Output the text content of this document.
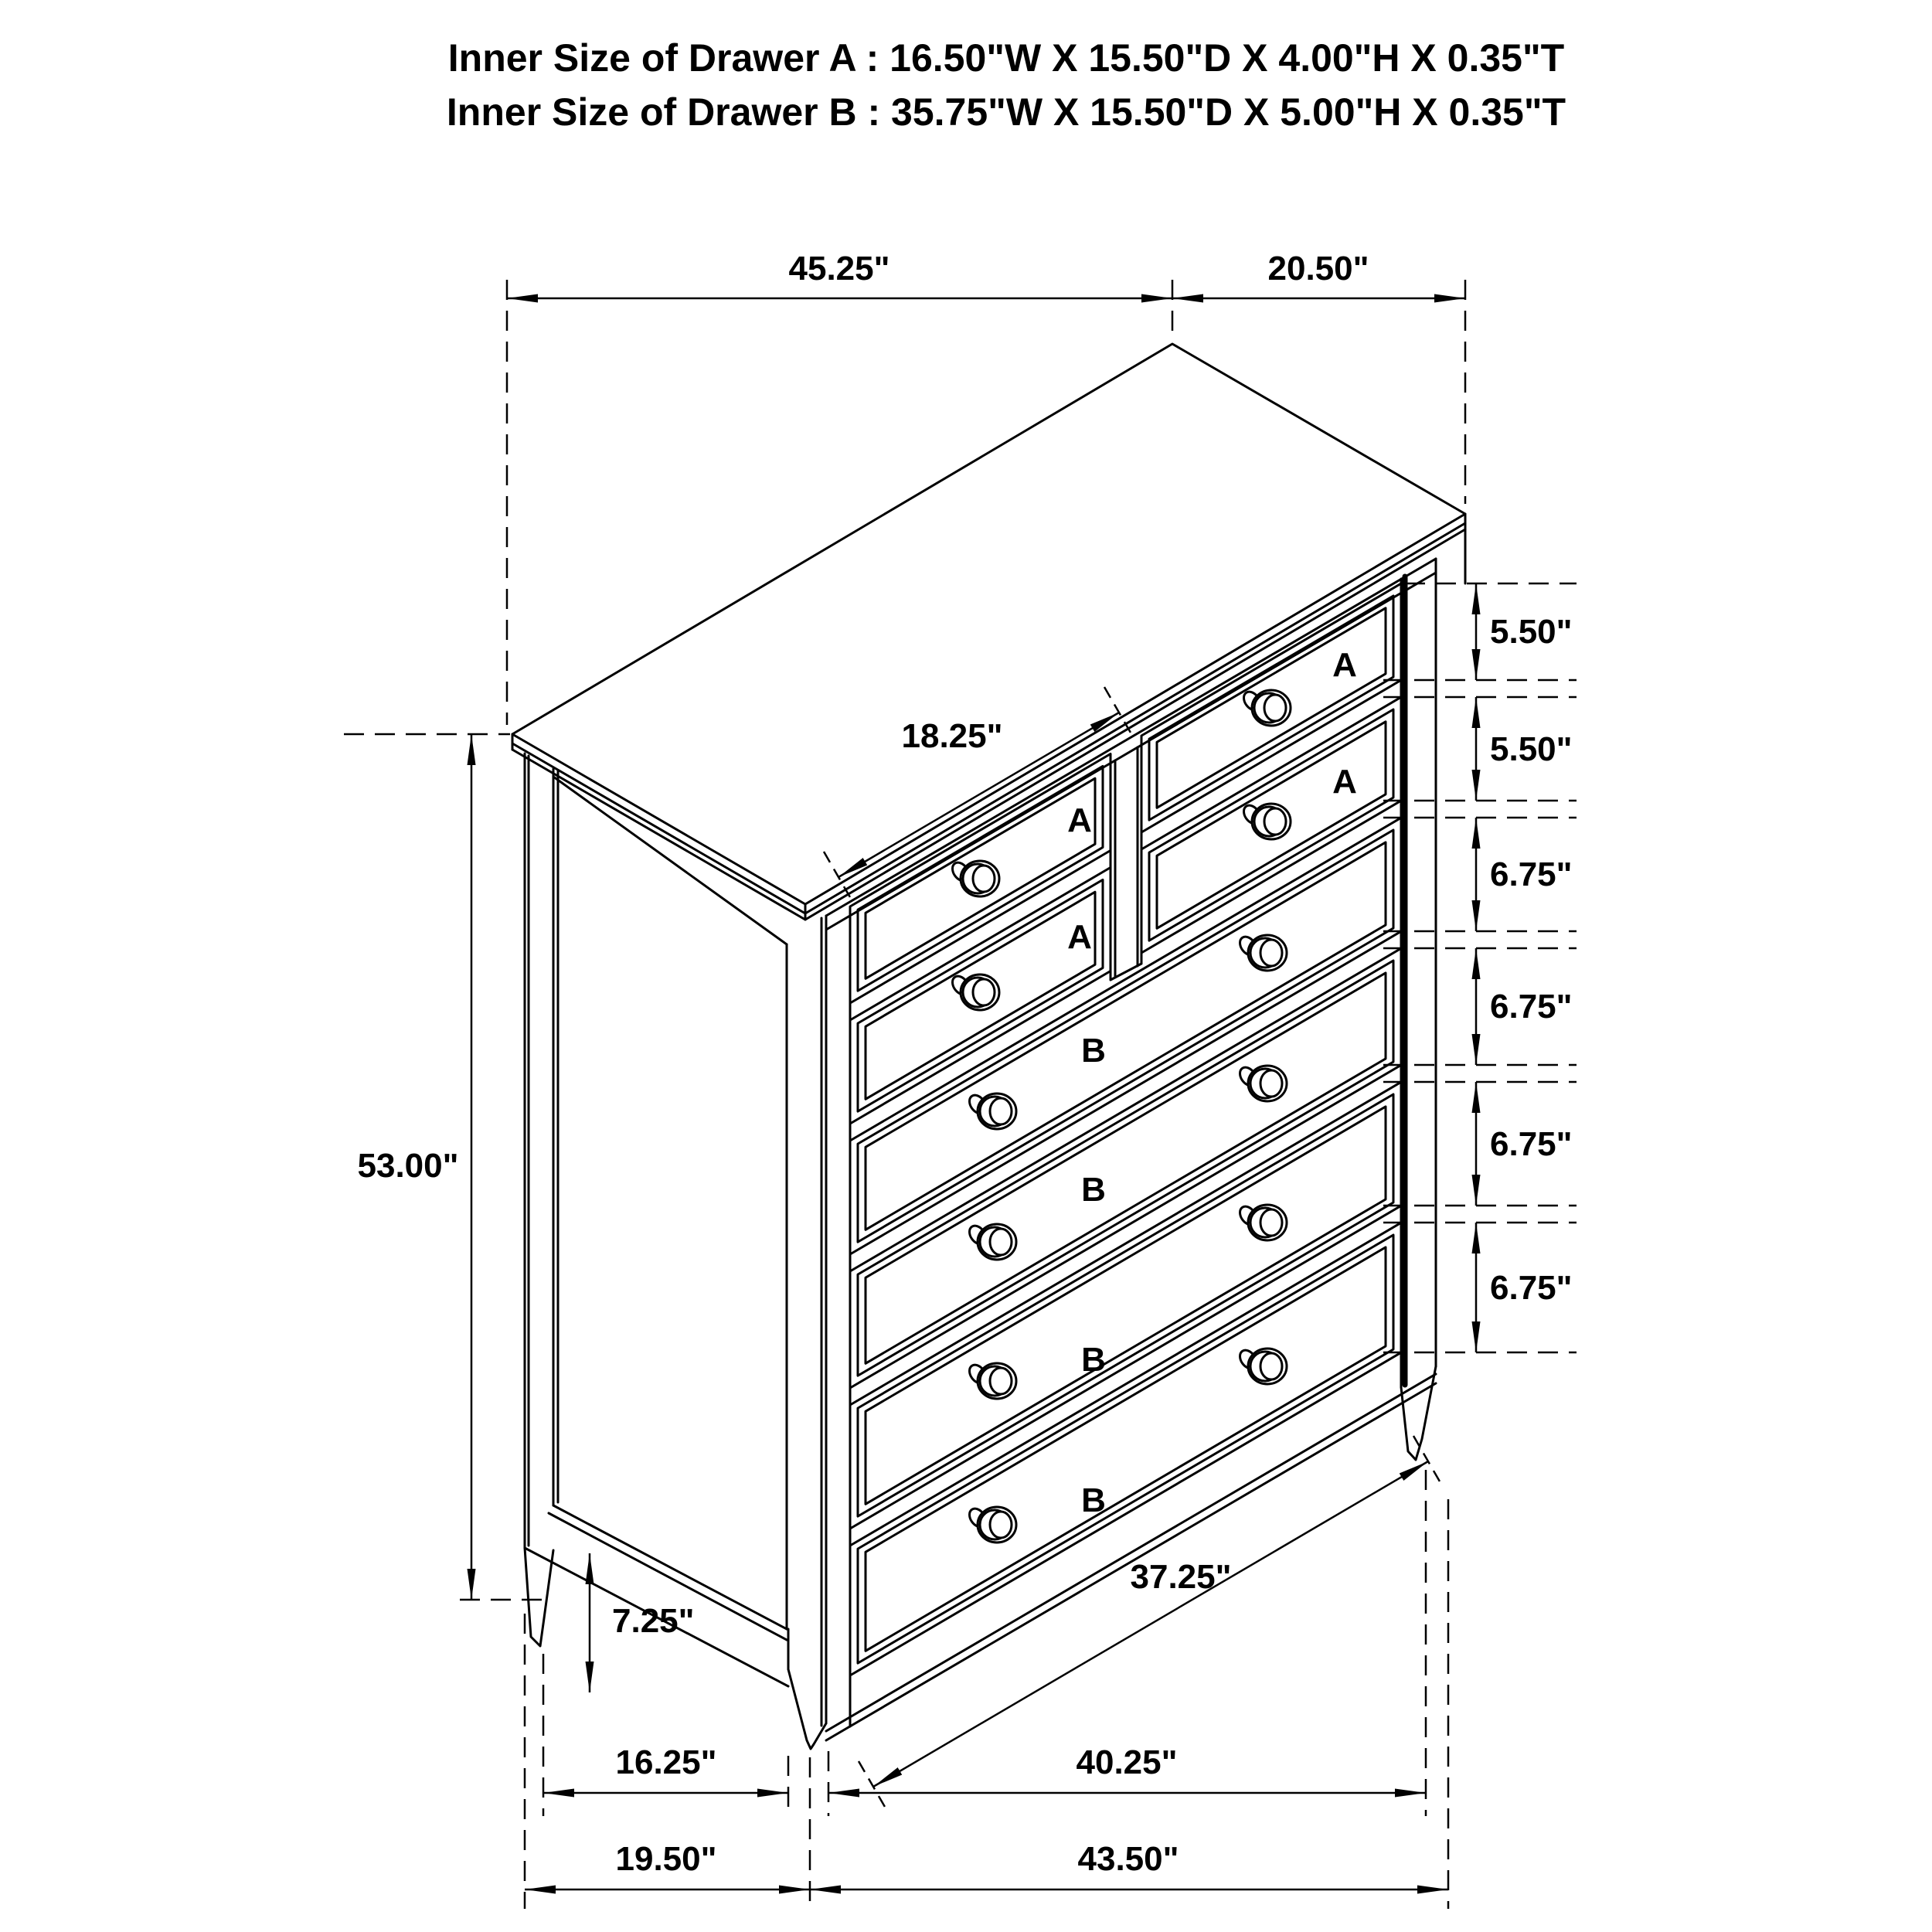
Inner Size of Drawer A : 16.50"W X 15.50"D X 4.00"H X 0.35"T
Inner Size of Drawer B : 35.75"W X 15.50"D X 5.00"H X 0.35"T
A
A
A
A
B
B
B
B
45.25"	20.50"
5.50"
5.50"
6.75"
6.75"
6.75"
6.75"
53.00"
7.25"
18.25"
37.25"
16.25"	40.25"
19.50"	43.50"
